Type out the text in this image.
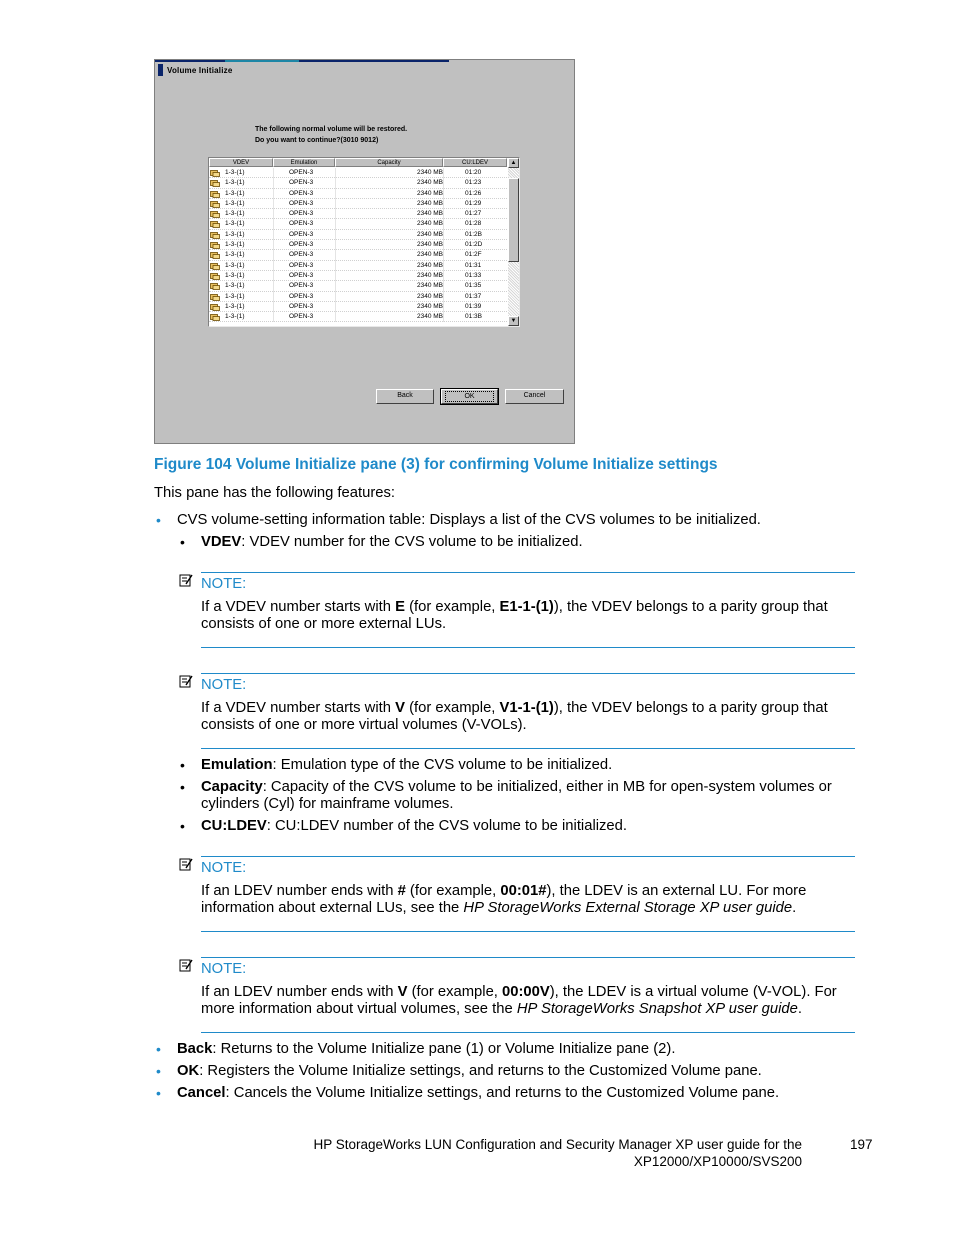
Volume Initialize
The following normal volume will be restored.
Do you want to continue?(3010 9012)
VDEV	Emulation	Capacity	CU:LDEV
1-3-(1)	OPEN-3	2340 MB	01:20
1-3-(1)	OPEN-3	2340 MB	01:23
1-3-(1)	OPEN-3	2340 MB	01:26
1-3-(1)	OPEN-3	2340 MB	01:29
1-3-(1)	OPEN-3	2340 MB	01:27
1-3-(1)	OPEN-3	2340 MB	01:28
1-3-(1)	OPEN-3	2340 MB	01:2B
1-3-(1)	OPEN-3	2340 MB	01:2D
1-3-(1)	OPEN-3	2340 MB	01:2F
1-3-(1)	OPEN-3	2340 MB	01:31
1-3-(1)	OPEN-3	2340 MB	01:33
1-3-(1)	OPEN-3	2340 MB	01:35
1-3-(1)	OPEN-3	2340 MB	01:37
1-3-(1)	OPEN-3	2340 MB	01:39
1-3-(1)	OPEN-3	2340 MB	01:3B
▲
▼
Back	OK	Cancel
Figure 104 Volume Initialize pane (3) for confirming Volume Initialize settings
This pane has the following features:
• CVS volume-setting information table: Displays a list of the CVS volumes to be initialized.
• VDEV: VDEV number for the CVS volume to be initialized.
NOTE:
If a VDEV number starts with E (for example, E1-1-(1)), the VDEV belongs to a parity group that consists of one or more external LUs.
NOTE:
If a VDEV number starts with V (for example, V1-1-(1)), the VDEV belongs to a parity group that consists of one or more virtual volumes (V-VOLs).
• Emulation: Emulation type of the CVS volume to be initialized.
• Capacity: Capacity of the CVS volume to be initialized, either in MB for open-system volumes or cylinders (Cyl) for mainframe volumes.
• CU:LDEV: CU:LDEV number of the CVS volume to be initialized.
NOTE:
If an LDEV number ends with # (for example, 00:01#), the LDEV is an external LU. For more information about external LUs, see the HP StorageWorks External Storage XP user guide.
NOTE:
If an LDEV number ends with V (for example, 00:00V), the LDEV is a virtual volume (V-VOL). For more information about virtual volumes, see the HP StorageWorks Snapshot XP user guide.
• Back: Returns to the Volume Initialize pane (1) or Volume Initialize pane (2).
• OK: Registers the Volume Initialize settings, and returns to the Customized Volume pane.
• Cancel: Cancels the Volume Initialize settings, and returns to the Customized Volume pane.
HP StorageWorks LUN Configuration and Security Manager XP user guide for the
XP12000/XP10000/SVS200
197
